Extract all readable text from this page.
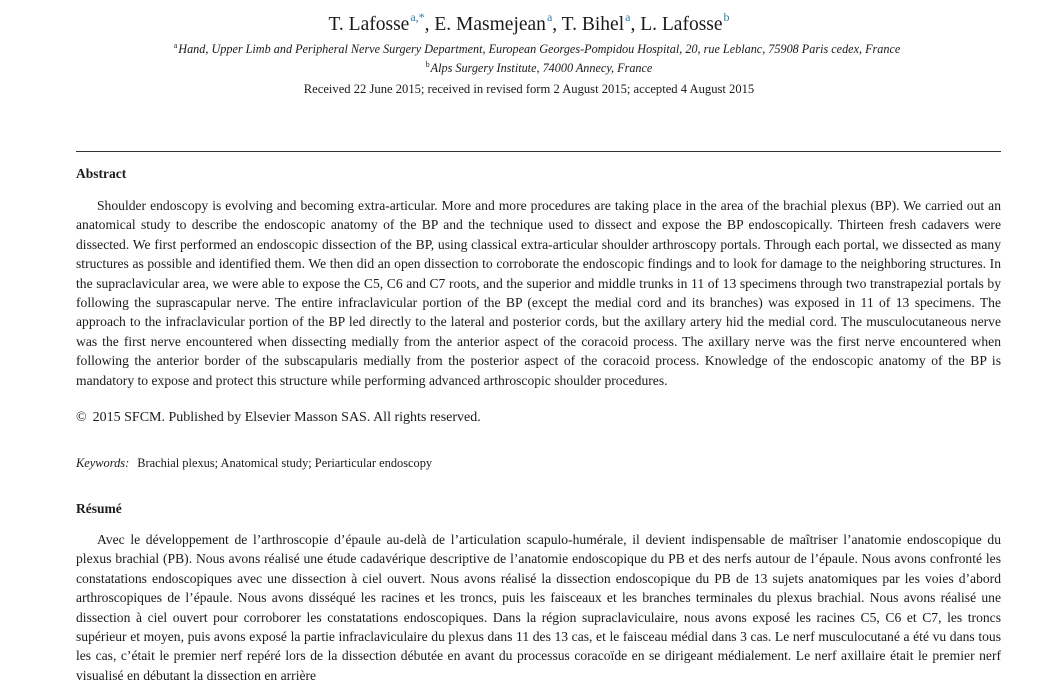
T. Lafosse$^{a,*}$, E. Masmejean$^a$, T. Bihel$^a$, L. Lafosse$^b$
$^a$Hand, Upper Limb and Peripheral Nerve Surgery Department, European Georges-Pompidou Hospital, 20, rue Leblanc, 75908 Paris cedex, France
$^b$Alps Surgery Institute, 74000 Annecy, France
Received 22 June 2015; received in revised form 2 August 2015; accepted 4 August 2015
Abstract

Shoulder endoscopy is evolving and becoming extra-articular. More and more procedures are taking place in the area of the brachial plexus (BP). We carried out an anatomical study to describe the endoscopic anatomy of the BP and the technique used to dissect and expose the BP endoscopically. Thirteen fresh cadavers were dissected. We first performed an endoscopic dissection of the BP, using classical extra-articular shoulder arthroscopy portals. Through each portal, we dissected as many structures as possible and identified them. We then did an open dissection to corroborate the endoscopic findings and to look for damage to the neighboring structures. In the supraclavicular area, we were able to expose the C5, C6 and C7 roots, and the superior and middle trunks in 11 of 13 specimens through two transtrapezial portals by following the suprascapular nerve. The entire infraclavicular portion of the BP (except the medial cord and its branches) was exposed in 11 of 13 specimens. The approach to the infraclavicular portion of the BP led directly to the lateral and posterior cords, but the axillary artery hid the medial cord. The musculocutaneous nerve was the first nerve encountered when dissecting medially from the anterior aspect of the coracoid process. The axillary nerve was the first nerve encountered when following the anterior border of the subscapularis medially from the posterior aspect of the coracoid process. Knowledge of the endoscopic anatomy of the BP is mandatory to expose and protect this structure while performing advanced arthroscopic shoulder procedures.

© 2015 SFCM. Published by Elsevier Masson SAS. All rights reserved.
Keywords: Brachial plexus; Anatomical study; Periarticular endoscopy
Résumé

Avec le développement de l’arthroscopie d’épaule au-delà de l’articulation scapulo-humérale, il devient indispensable de maîtriser l’anatomie endoscopique du plexus brachial (PB). Nous avons réalisé une étude cadavérique descriptive de l’anatomie endoscopique du PB et des nerfs autour de l’épaule. Nous avons confronté les constatations endoscopiques avec une dissection à ciel ouvert. Nous avons réalisé la dissection endoscopique du PB de 13 sujets anatomiques par les voies d’abord arthroscopiques de l’épaule. Nous avons disséqué les racines et les troncs, puis les faisceaux et les branches terminales du plexus brachial. Nous avons réalisé une dissection à ciel ouvert pour corroborer les constatations endoscopiques. Dans la région supraclaviculaire, nous avons exposé les racines C5, C6 et C7, les troncs supérieur et moyen, puis avons exposé la partie infraclaviculaire du plexus dans 11 des 13 cas, et le faisceau médial dans 3 cas. Le nerf musculocutané a été vu dans tous les cas, c’était le premier nerf repéré lors de la dissection débutée en avant du processus coracoïde en se dirigeant médialement. Le nerf axillaire était le premier nerf visualisé en débutant la dissection en arrière
